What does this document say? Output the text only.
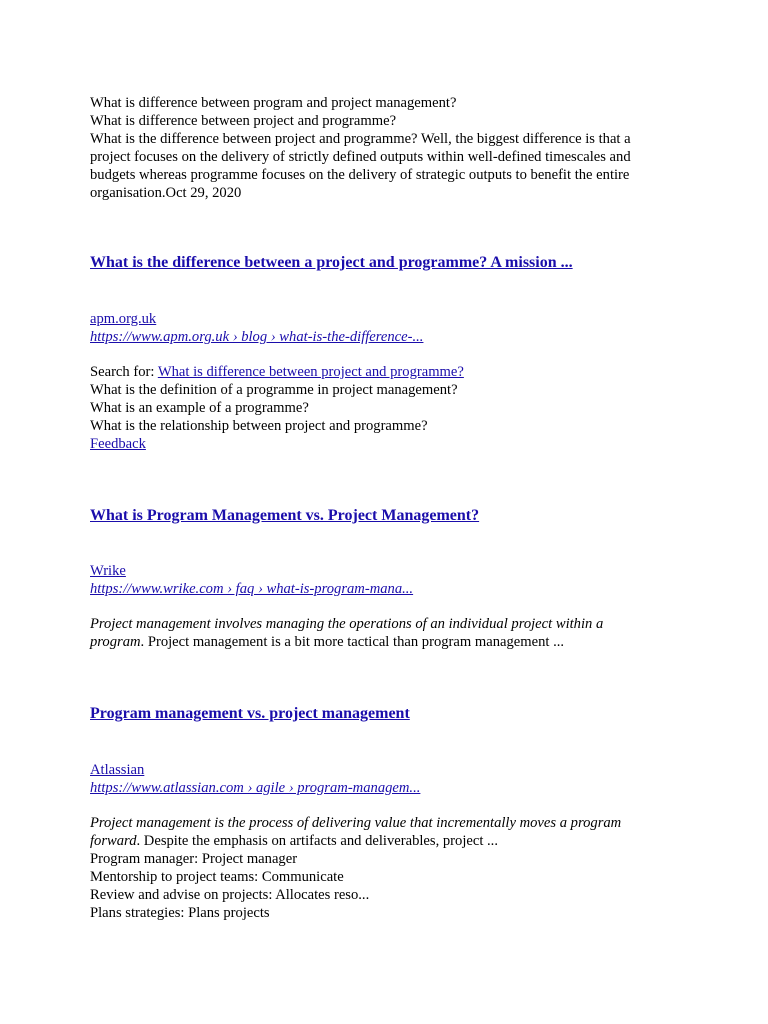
What is difference between program and project management?
What is difference between project and programme?
What is the difference between project and programme? Well, the biggest difference is that a
project focuses on the delivery of strictly defined outputs within well-defined timescales and
budgets whereas programme focuses on the delivery of strategic outputs to benefit the entire
organisation.Oct 29, 2020
What is the difference between a project and programme? A mission ...
apm.org.uk
https://www.apm.org.uk › blog › what-is-the-difference-...
Search for: What is difference between project and programme?
What is the definition of a programme in project management?
What is an example of a programme?
What is the relationship between project and programme?
Feedback
What is Program Management vs. Project Management?
Wrike
https://www.wrike.com › faq › what-is-program-mana...
Project management involves managing the operations of an individual project within a
program. Project management is a bit more tactical than program management ...
Program management vs. project management
Atlassian
https://www.atlassian.com › agile › program-managem...
Project management is the process of delivering value that incrementally moves a program
forward. Despite the emphasis on artifacts and deliverables, project ...
Program manager: Project manager
Mentorship to project teams: Communicate
Review and advise on projects: Allocates reso...
Plans strategies: Plans projects
